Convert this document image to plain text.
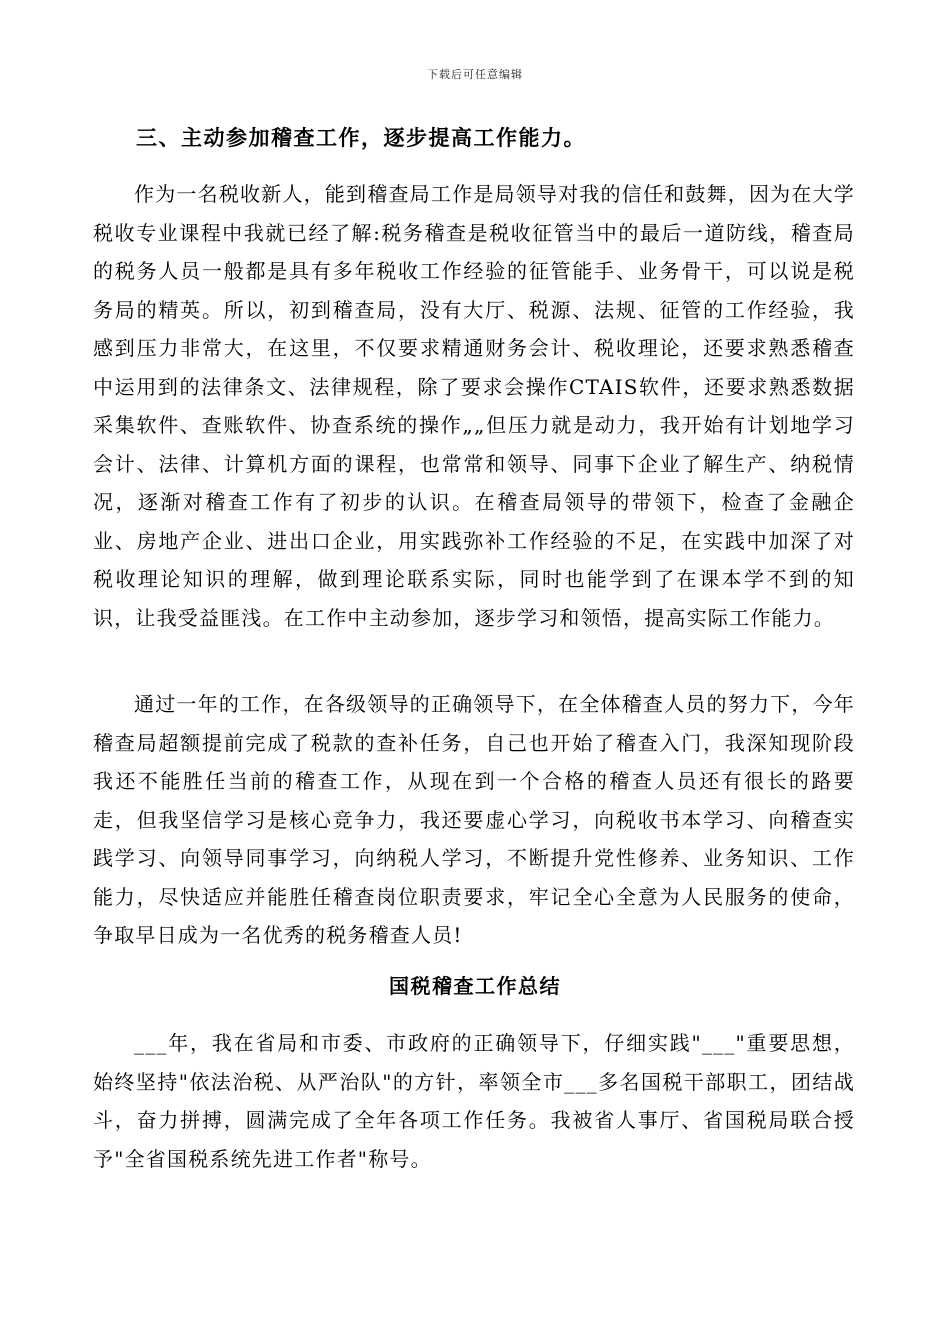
下载后可任意编辑
三、主动参加稽查工作，逐步提高工作能力。

作为一名税收新人，能到稽查局工作是局领导对我的信任和鼓舞，因为在大学税收专业课程中我就已经了解:税务稽查是税收征管当中的最后一道防线，稽查局的税务人员一般都是具有多年税收工作经验的征管能手、业务骨干，可以说是税务局的精英。所以，初到稽查局，没有大厅、税源、法规、征管的工作经验，我感到压力非常大，在这里，不仅要求精通财务会计、税收理论，还要求熟悉稽查中运用到的法律条文、法律规程，除了要求会操作CTAIS软件，还要求熟悉数据采集软件、查账软件、协查系统的操作„„但压力就是动力，我开始有计划地学习会计、法律、计算机方面的课程，也常常和领导、同事下企业了解生产、纳税情况，逐渐对稽查工作有了初步的认识。在稽查局领导的带领下，检查了金融企业、房地产企业、进出口企业，用实践弥补工作经验的不足，在实践中加深了对税收理论知识的理解，做到理论联系实际，同时也能学到了在课本学不到的知识，让我受益匪浅。在工作中主动参加，逐步学习和领悟，提高实际工作能力。

通过一年的工作，在各级领导的正确领导下，在全体稽查人员的努力下，今年稽查局超额提前完成了税款的查补任务，自己也开始了稽查入门，我深知现阶段我还不能胜任当前的稽查工作，从现在到一个合格的稽查人员还有很长的路要走，但我坚信学习是核心竞争力，我还要虚心学习，向税收书本学习、向稽查实践学习、向领导同事学习，向纳税人学习，不断提升党性修养、业务知识、工作能力，尽快适应并能胜任稽查岗位职责要求，牢记全心全意为人民服务的使命，争取早日成为一名优秀的税务稽查人员!

国税稽查工作总结

___年，我在省局和市委、市政府的正确领导下，仔细实践"___"重要思想，始终坚持"依法治税、从严治队"的方针，率领全市___多名国税干部职工，团结战斗，奋力拼搏，圆满完成了全年各项工作任务。我被省人事厅、省国税局联合授予"全省国税系统先进工作者"称号。
